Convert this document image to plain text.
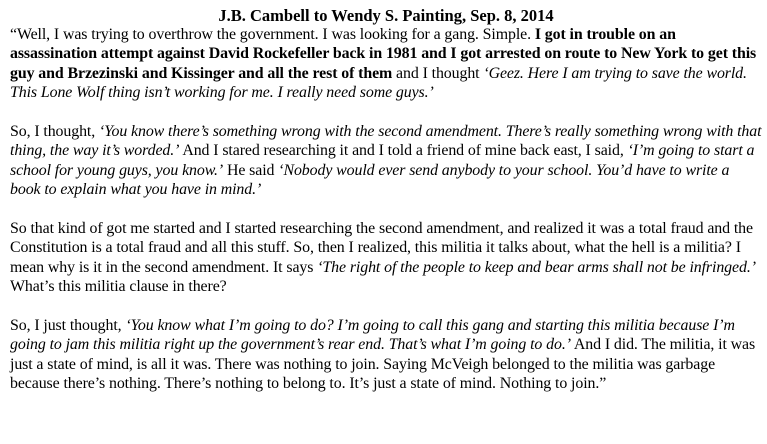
J.B. Cambell to Wendy S. Painting, Sep. 8, 2014

“Well, I was trying to overthrow the government. I was looking for a gang. Simple. I got in trouble on an assassination attempt against David Rockefeller back in 1981 and I got arrested on route to New York to get this guy and Brzezinski and Kissinger and all the rest of them and I thought ‘Geez. Here I am trying to save the world. This Lone Wolf thing isn’t working for me. I really need some guys.’

So, I thought, ‘You know there’s something wrong with the second amendment. There’s really something wrong with that thing, the way it’s worded.’ And I stared researching it and I told a friend of mine back east, I said, ‘I’m going to start a school for young guys, you know.’ He said ‘Nobody would ever send anybody to your school. You’d have to write a book to explain what you have in mind.’

So that kind of got me started and I started researching the second amendment, and realized it was a total fraud and the Constitution is a total fraud and all this stuff. So, then I realized, this militia it talks about, what the hell is a militia? I mean why is it in the second amendment. It says ‘The right of the people to keep and bear arms shall not be infringed.’ What’s this militia clause in there?

So, I just thought, ‘You know what I’m going to do? I’m going to call this gang and starting this militia because I’m going to jam this militia right up the government’s rear end. That’s what I’m going to do.’ And I did. The militia, it was just a state of mind, is all it was. There was nothing to join. Saying McVeigh belonged to the militia was garbage because there’s nothing. There’s nothing to belong to. It’s just a state of mind. Nothing to join.”
